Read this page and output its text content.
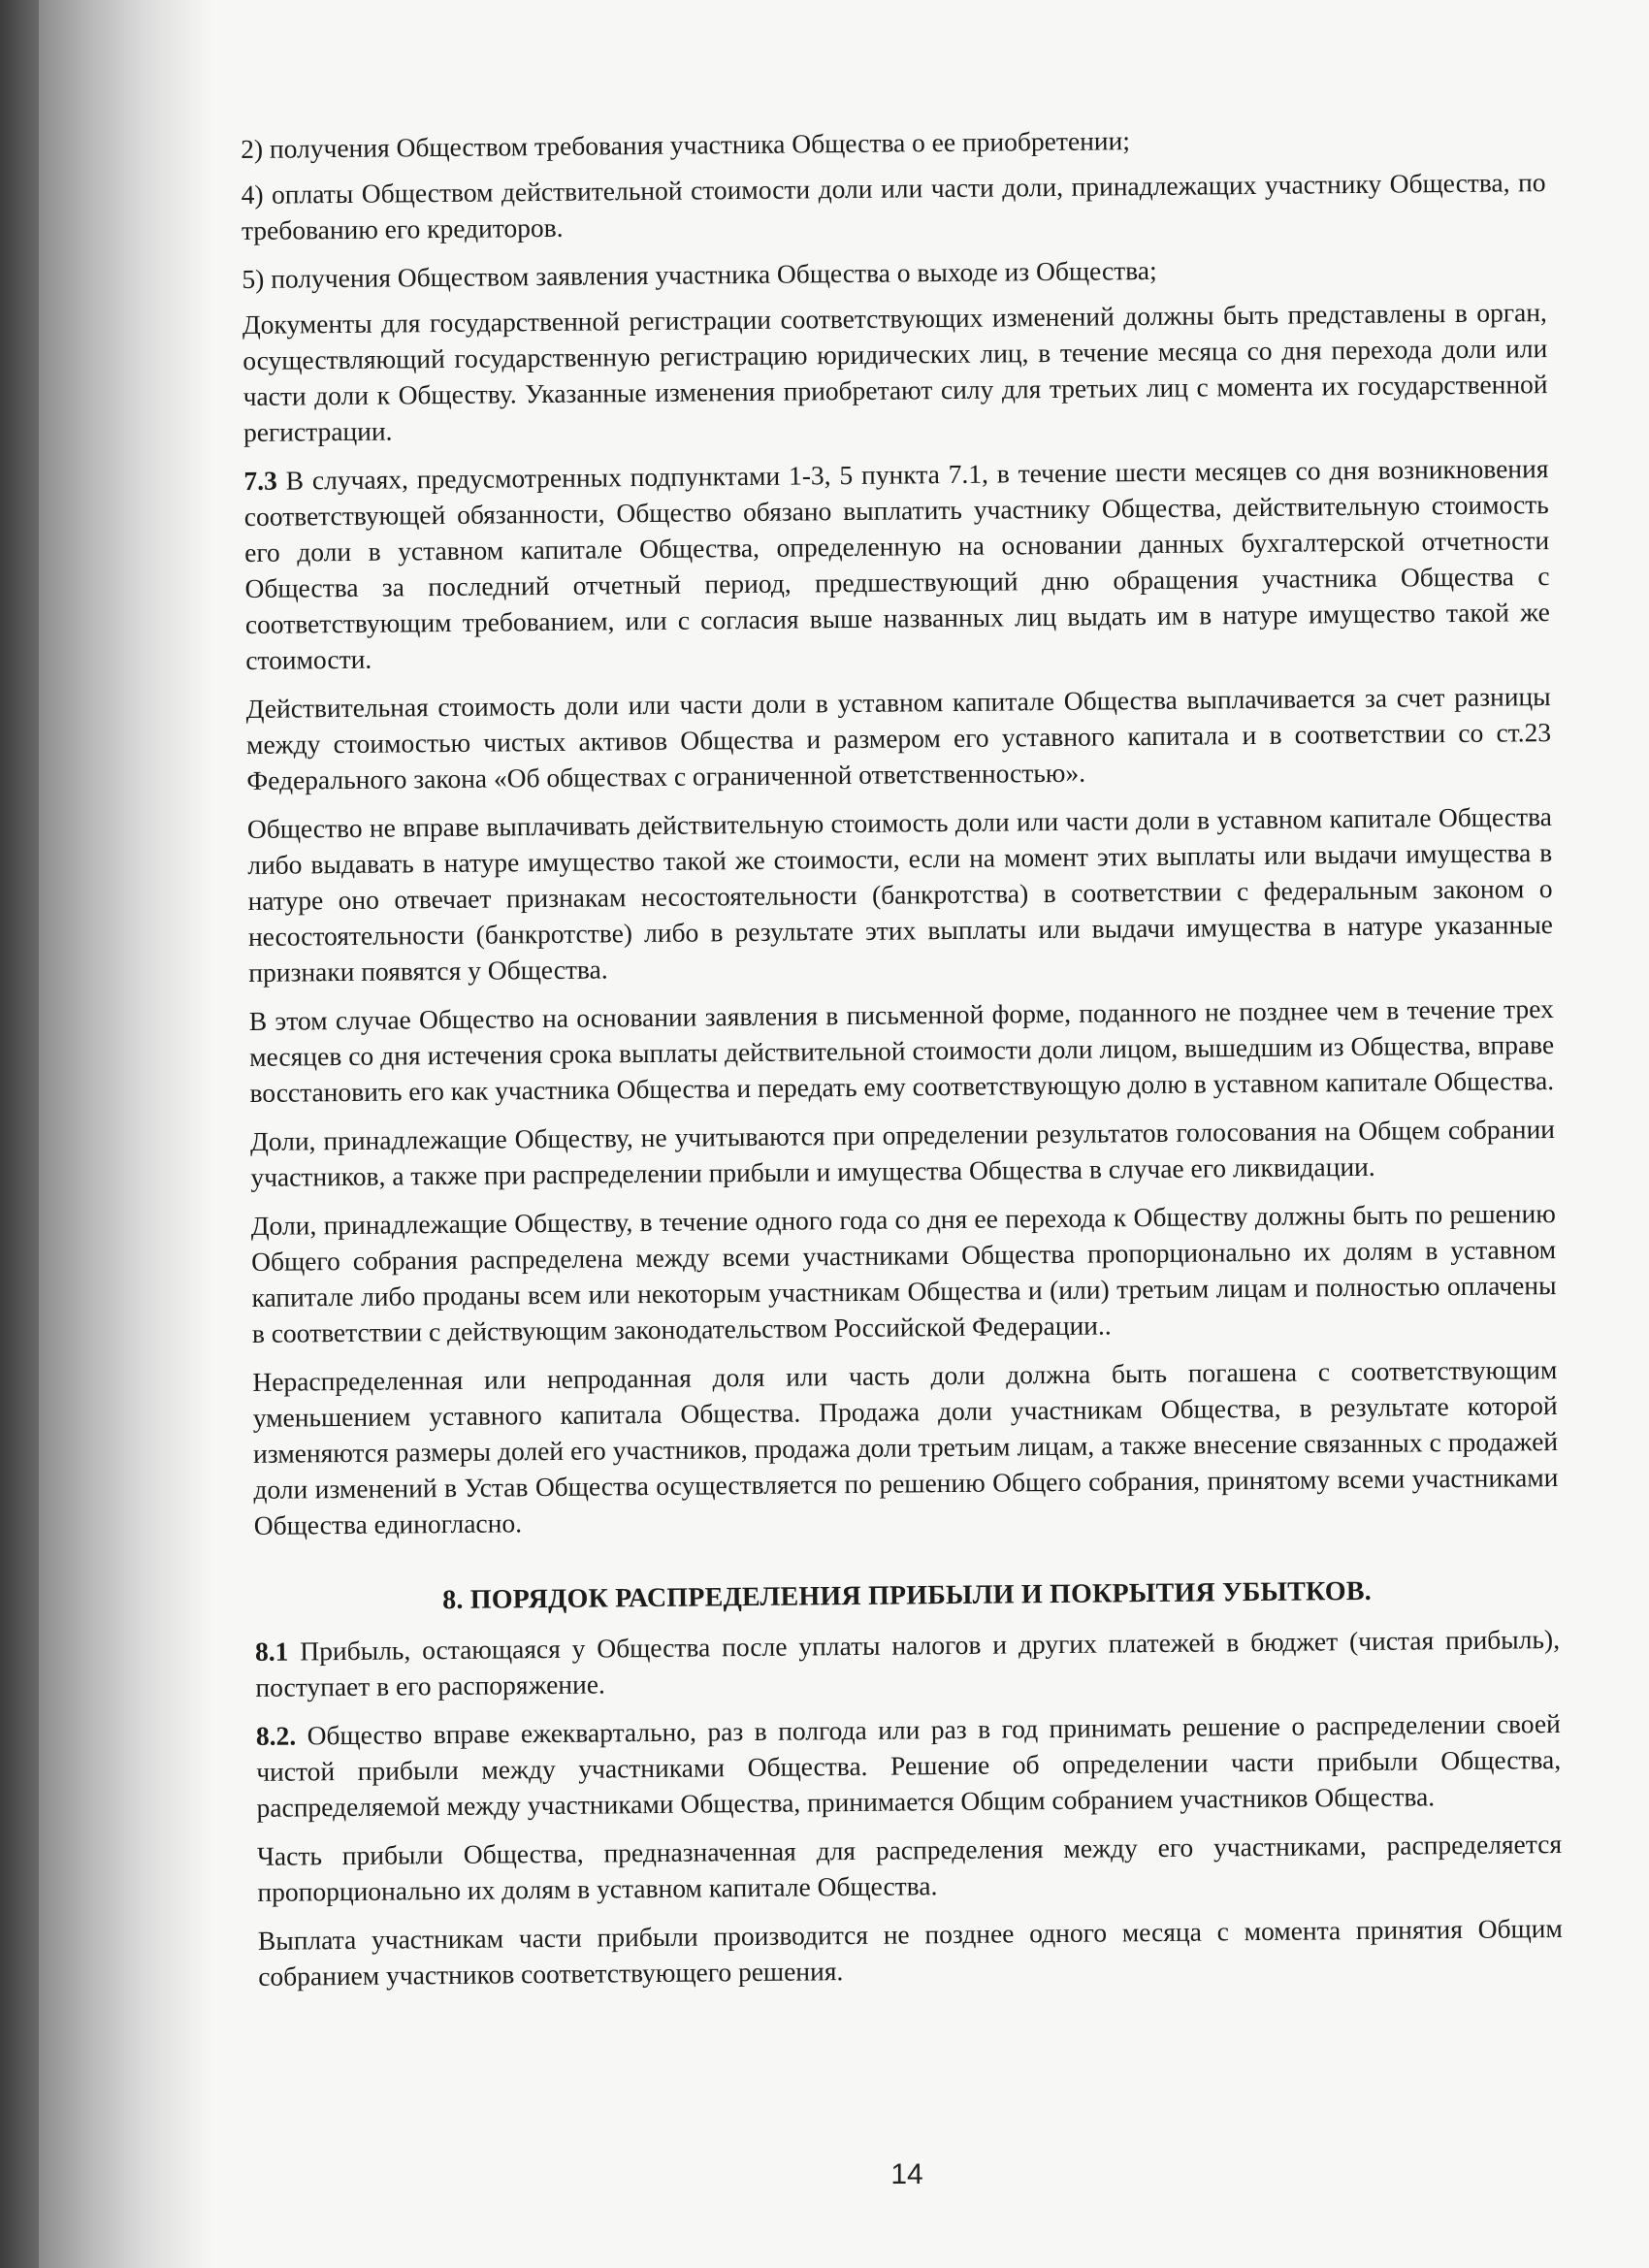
2) получения Обществом требования участника Общества о ее приобретении;

4) оплаты Обществом действительной стоимости доли или части доли, принадлежащих участнику Общества, по требованию его кредиторов.

5) получения Обществом заявления участника Общества о выходе из Общества;

Документы для государственной регистрации соответствующих изменений должны быть представлены в орган, осуществляющий государственную регистрацию юридических лиц, в течение месяца со дня перехода доли или части доли к Обществу. Указанные изменения приобретают силу для третьих лиц с момента их государственной регистрации.

7.3 В случаях, предусмотренных подпунктами 1-3, 5 пункта 7.1, в течение шести месяцев со дня возникновения соответствующей обязанности, Общество обязано выплатить участнику Общества, действительную стоимость его доли в уставном капитале Общества, определенную на основании данных бухгалтерской отчетности Общества за последний отчетный период, предшествующий дню обращения участника Общества с соответствующим требованием, или с согласия выше названных лиц выдать им в натуре имущество такой же стоимости.

Действительная стоимость доли или части доли в уставном капитале Общества выплачивается за счет разницы между стоимостью чистых активов Общества и размером его уставного капитала и в соответствии со ст.23 Федерального закона «Об обществах с ограниченной ответственностью».

Общество не вправе выплачивать действительную стоимость доли или части доли в уставном капитале Общества либо выдавать в натуре имущество такой же стоимости, если на момент этих выплаты или выдачи имущества в натуре оно отвечает признакам несостоятельности (банкротства) в соответствии с федеральным законом о несостоятельности (банкротстве) либо в результате этих выплаты или выдачи имущества в натуре указанные признаки появятся у Общества.

В этом случае Общество на основании заявления в письменной форме, поданного не позднее чем в течение трех месяцев со дня истечения срока выплаты действительной стоимости доли лицом, вышедшим из Общества, вправе восстановить его как участника Общества и передать ему соответствующую долю в уставном капитале Общества.

Доли, принадлежащие Обществу, не учитываются при определении результатов голосования на Общем собрании участников, а также при распределении прибыли и имущества Общества в случае его ликвидации.

Доли, принадлежащие Обществу, в течение одного года со дня ее перехода к Обществу должны быть по решению Общего собрания распределена между всеми участниками Общества пропорционально их долям в уставном капитале либо проданы всем или некоторым участникам Общества и (или) третьим лицам и полностью оплачены в соответствии с действующим законодательством Российской Федерации..

Нераспределенная или непроданная доля или часть доли должна быть погашена с соответствующим уменьшением уставного капитала Общества. Продажа доли участникам Общества, в результате которой изменяются размеры долей его участников, продажа доли третьим лицам, а также внесение связанных с продажей доли изменений в Устав Общества осуществляется по решению Общего собрания, принятому всеми участниками Общества единогласно.

8. ПОРЯДОК РАСПРЕДЕЛЕНИЯ ПРИБЫЛИ И ПОКРЫТИЯ УБЫТКОВ.

8.1 Прибыль, остающаяся у Общества после уплаты налогов и других платежей в бюджет (чистая прибыль), поступает в его распоряжение.

8.2. Общество вправе ежеквартально, раз в полгода или раз в год принимать решение о распределении своей чистой прибыли между участниками Общества. Решение об определении части прибыли Общества, распределяемой между участниками Общества, принимается Общим собранием участников Общества.

Часть прибыли Общества, предназначенная для распределения между его участниками, распределяется пропорционально их долям в уставном капитале Общества.

Выплата участникам части прибыли производится не позднее одного месяца с момента принятия Общим собранием участников соответствующего решения.

14
